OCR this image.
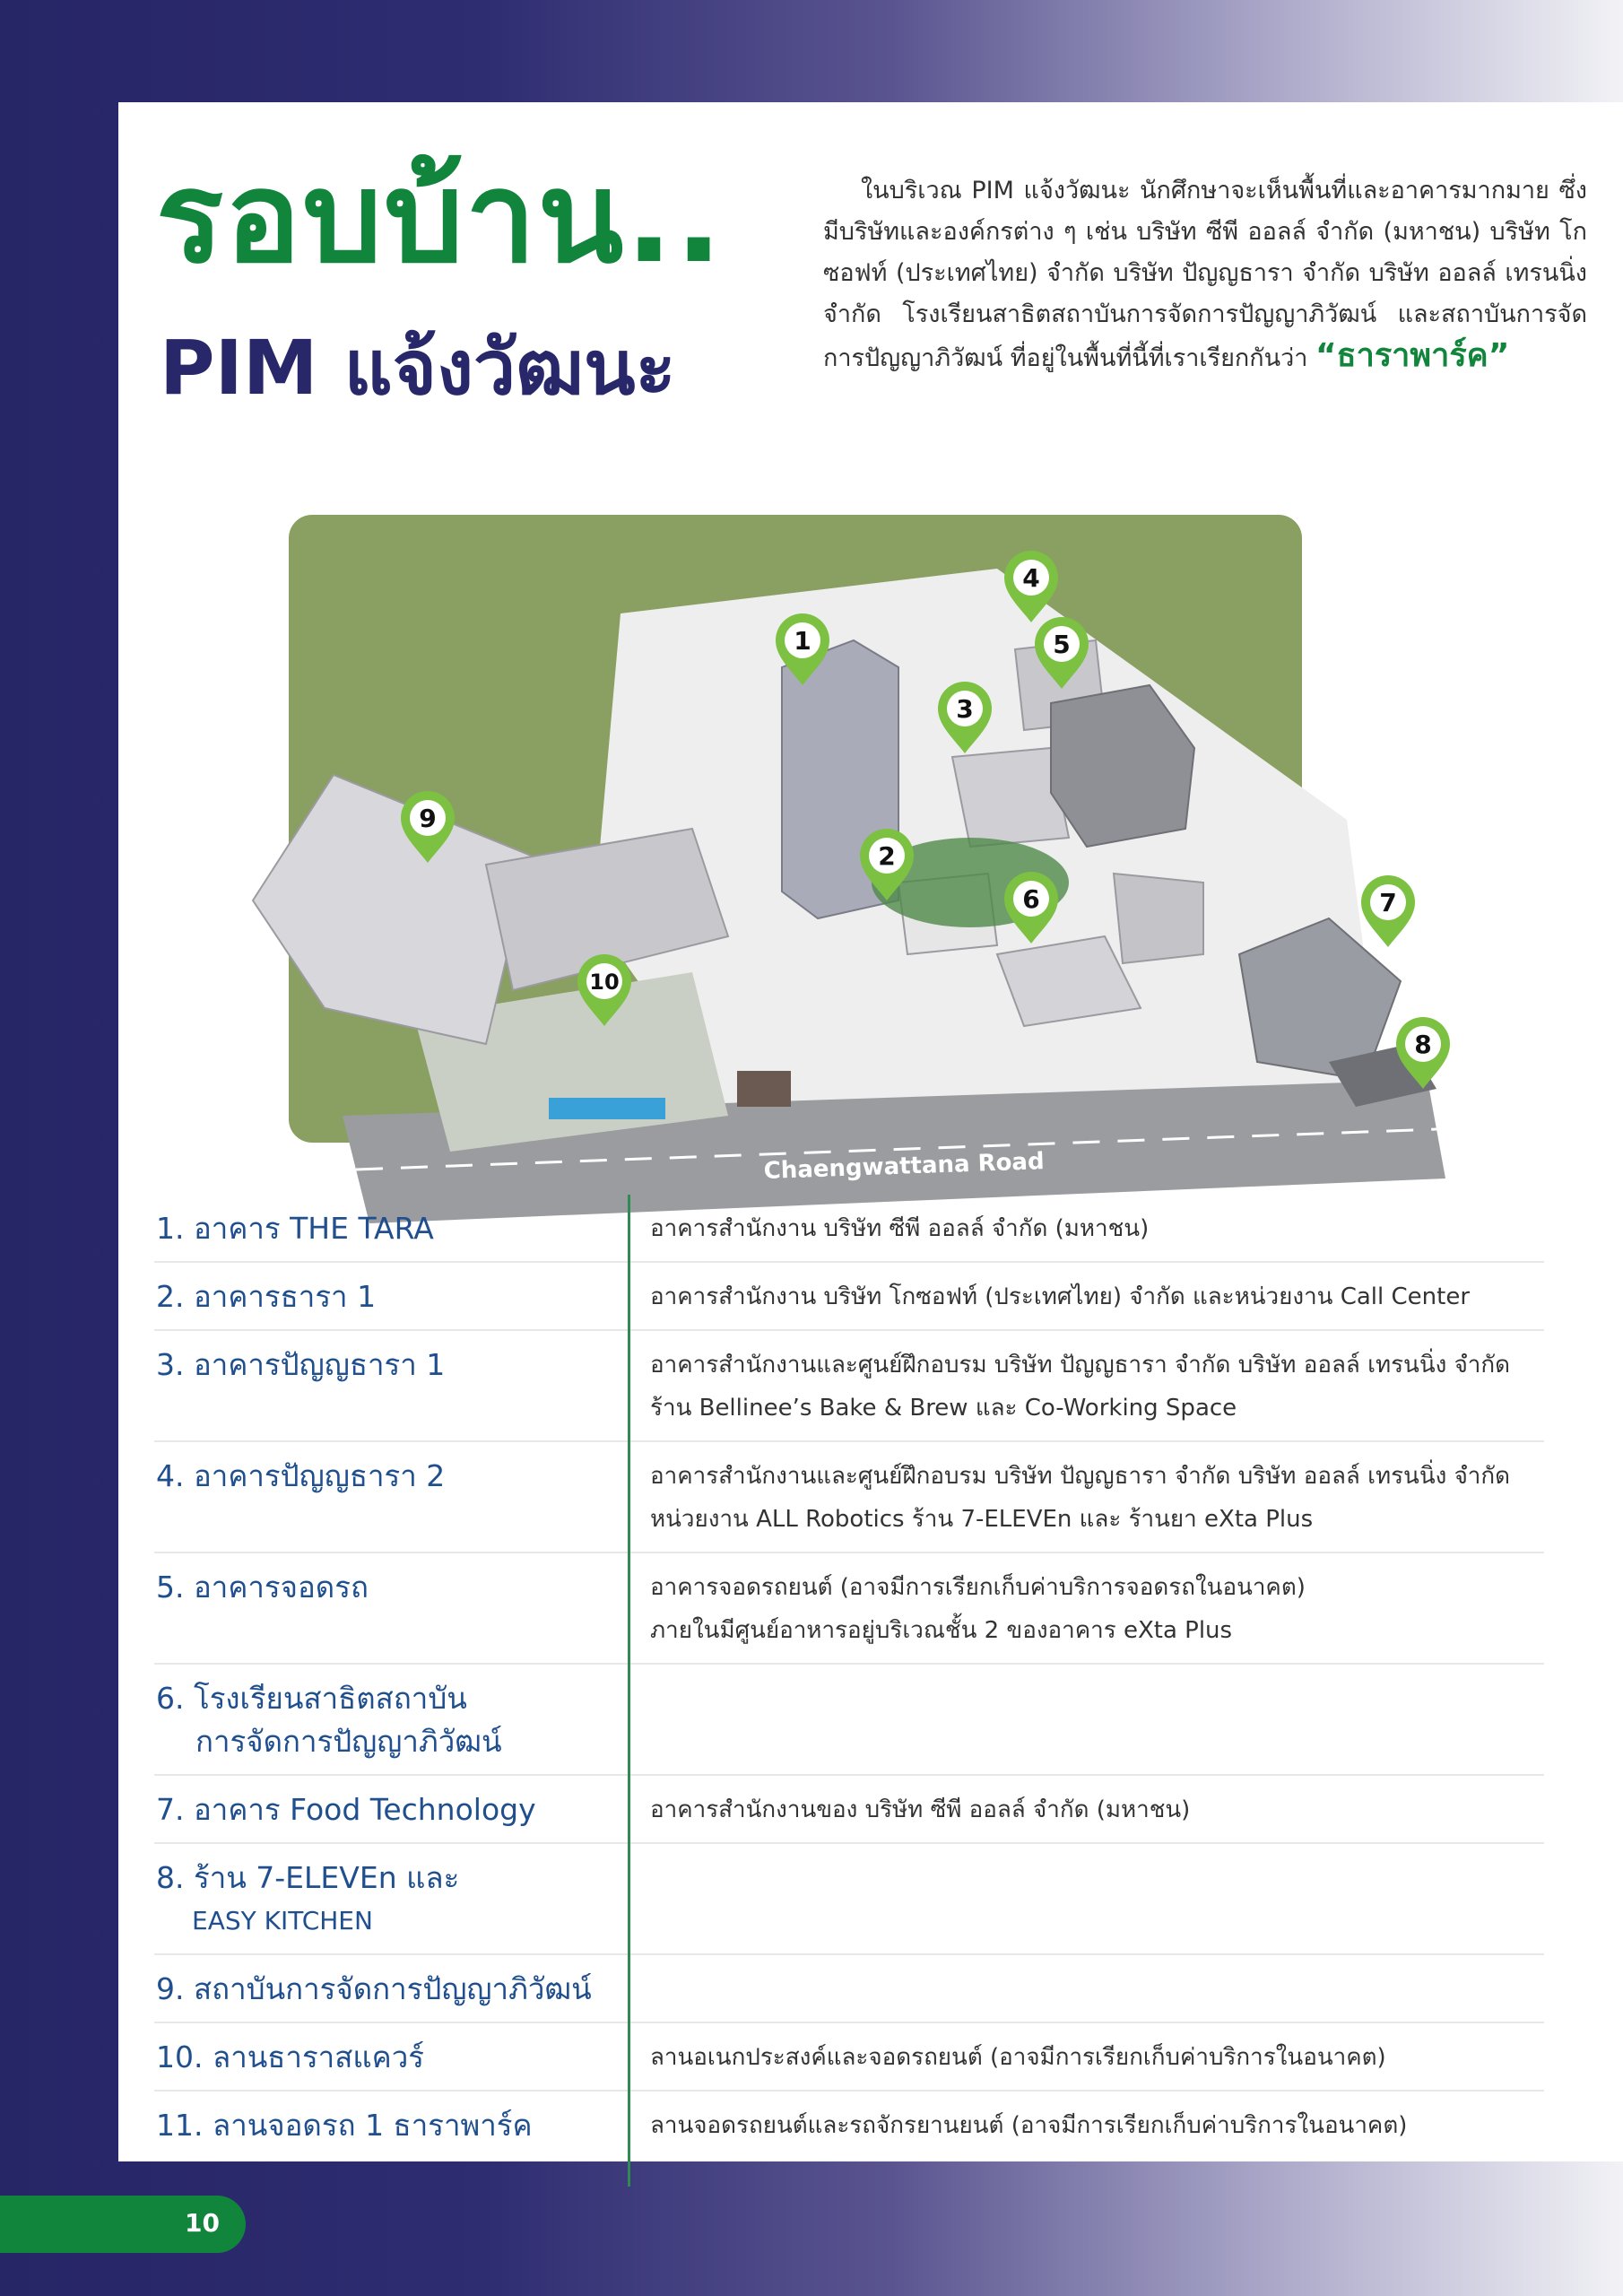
รอบบ้าน..
PIM แจ้งวัฒนะ

ในบริเวณ PIM แจ้งวัฒนะ นักศึกษาจะเห็นพื้นที่และอาคารมากมาย ซึ่งมีบริษัทและองค์กรต่าง ๆ เช่น บริษัท ซีพี ออลล์ จำกัด (มหาชน) บริษัท โกซอฟท์ (ประเทศไทย) จำกัด บริษัท ปัญญธารา จำกัด บริษัท ออลล์ เทรนนิ่ง จำกัด โรงเรียนสาธิตสถาบันการจัดการปัญญาภิวัฒน์ และสถาบันการจัดการปัญญาภิวัฒน์ ที่อยู่ในพื้นที่นี้ที่เราเรียกกันว่า “ธาราพาร์ค”

Chaengwattana Road
1
2
3
4
5
6	7
8
9
10
1. อาคาร THE TARA	อาคารสำนักงาน บริษัท ซีพี ออลล์ จำกัด (มหาชน)

2. อาคารธารา 1	อาคารสำนักงาน บริษัท โกซอฟท์ (ประเทศไทย) จำกัด และหน่วยงาน Call Center

3. อาคารปัญญธารา 1	อาคารสำนักงานและศูนย์ฝึกอบรม บริษัท ปัญญธารา จำกัด บริษัท ออลล์ เทรนนิ่ง จำกัด
ร้าน Bellinee’s Bake & Brew และ Co-Working Space

4. อาคารปัญญธารา 2	อาคารสำนักงานและศูนย์ฝึกอบรม บริษัท ปัญญธารา จำกัด บริษัท ออลล์ เทรนนิ่ง จำกัด
หน่วยงาน ALL Robotics ร้าน 7-ELEVEn และ ร้านยา eXta Plus

5. อาคารจอดรถ	อาคารจอดรถยนต์ (อาจมีการเรียกเก็บค่าบริการจอดรถในอนาคต)
ภายในมีศูนย์อาหารอยู่บริเวณชั้น 2 ของอาคาร eXta Plus

6. โรงเรียนสาธิตสถาบัน
การจัดการปัญญาภิวัฒน์	

7. อาคาร Food Technology	อาคารสำนักงานของ บริษัท ซีพี ออลล์ จำกัด (มหาชน)

8. ร้าน 7-ELEVEn และ
EASY KITCHEN	

9. สถาบันการจัดการปัญญาภิวัฒน์	
10. ลานธาราสแควร์	ลานอเนกประสงค์และจอดรถยนต์ (อาจมีการเรียกเก็บค่าบริการในอนาคต)

11. ลานจอดรถ 1 ธาราพาร์ค	ลานจอดรถยนต์และรถจักรยานยนต์ (อาจมีการเรียกเก็บค่าบริการในอนาคต)

10
